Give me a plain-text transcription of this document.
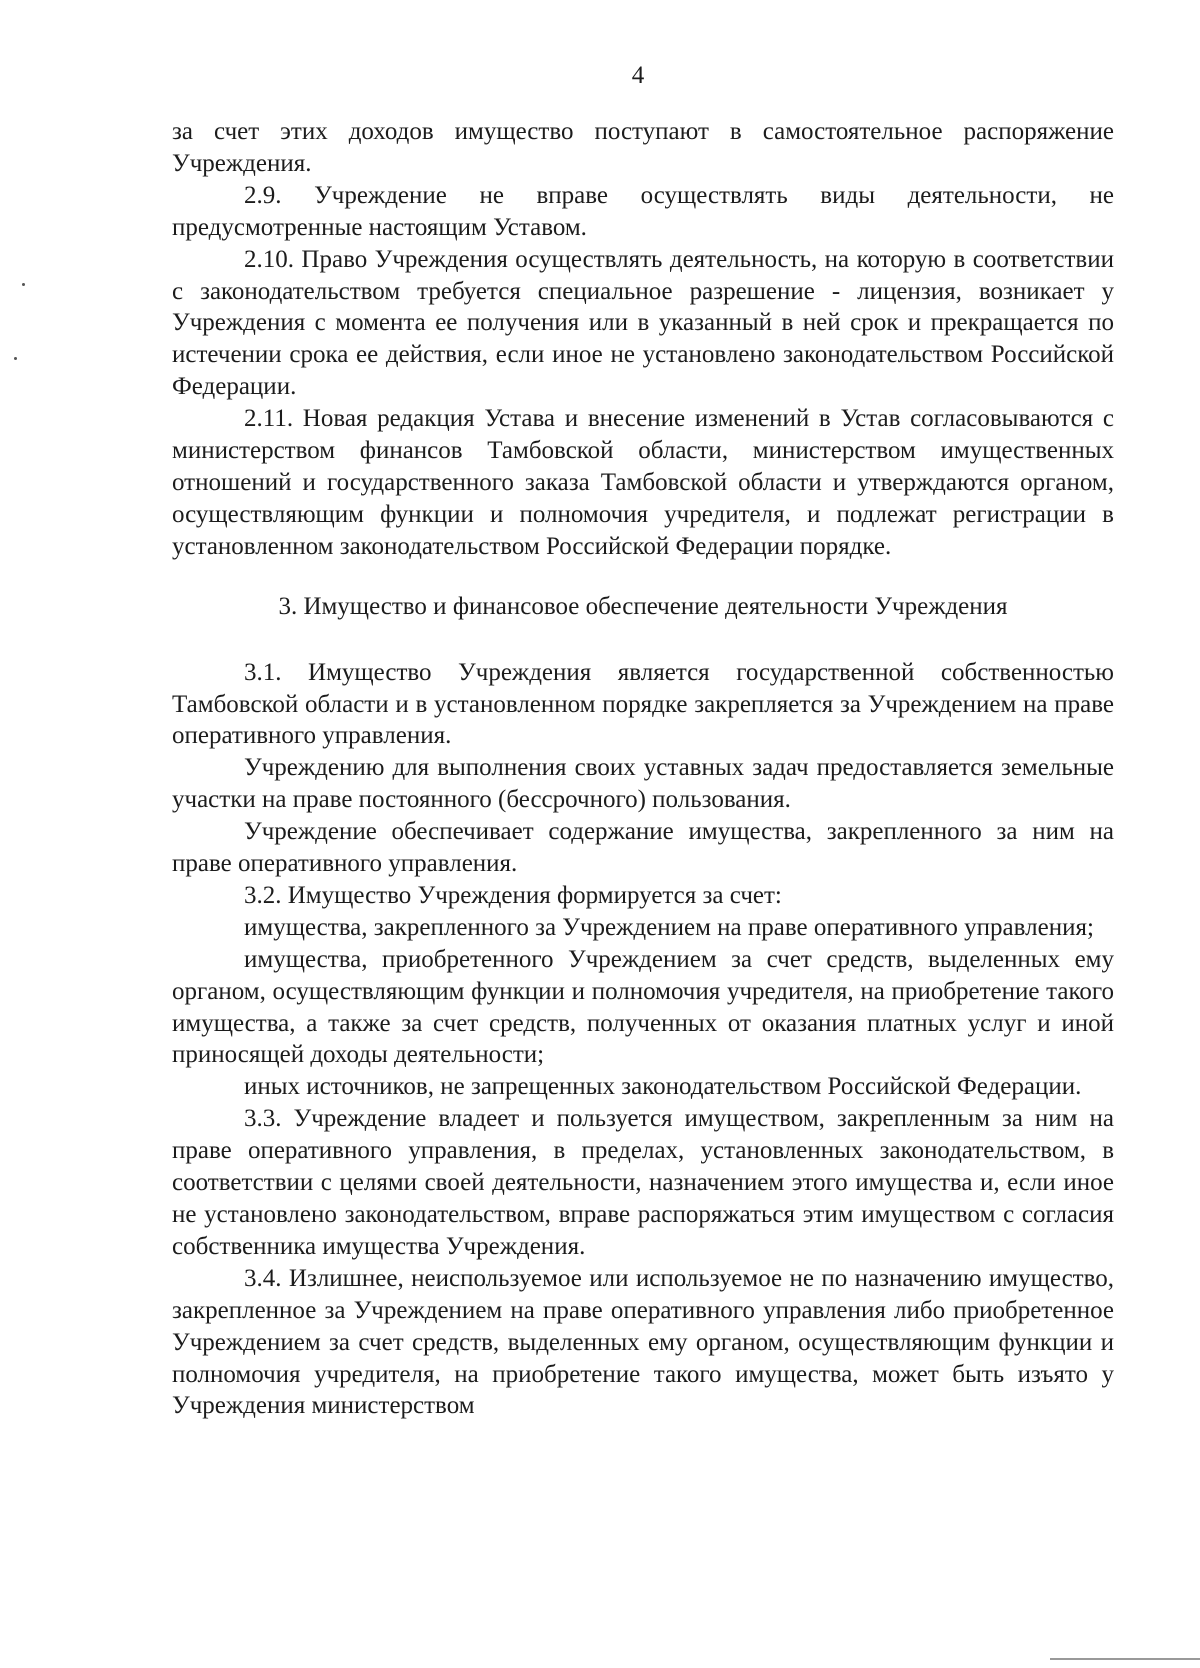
4

за счет этих доходов имущество поступают в самостоятельное распоряжение Учреждения.

2.9. Учреждение не вправе осуществлять виды деятельности, не предусмотренные настоящим Уставом.

2.10. Право Учреждения осуществлять деятельность, на которую в соответствии с законодательством требуется специальное разрешение - лицензия, возникает у Учреждения с момента ее получения или в указанный в ней срок и прекращается по истечении срока ее действия, если иное не установлено законодательством Российской Федерации.

2.11. Новая редакция Устава и внесение изменений в Устав согласовываются с министерством финансов Тамбовской области, министерством имущественных отношений и государственного заказа Тамбовской области и утверждаются органом, осуществляющим функции и полномочия учредителя, и подлежат регистрации в установленном законодательством Российской Федерации порядке.

3. Имущество и финансовое обеспечение деятельности Учреждения

3.1. Имущество Учреждения является государственной собственностью Тамбовской области и в установленном порядке закрепляется за Учреждением на праве оперативного управления.

Учреждению для выполнения своих уставных задач предоставляется земельные участки на праве постоянного (бессрочного) пользования.

Учреждение обеспечивает содержание имущества, закрепленного за ним на праве оперативного управления.

3.2. Имущество Учреждения формируется за счет:

имущества, закрепленного за Учреждением на праве оперативного управления;

имущества, приобретенного Учреждением за счет средств, выделенных ему органом, осуществляющим функции и полномочия учредителя, на приобретение такого имущества, а также за счет средств, полученных от оказания платных услуг и иной приносящей доходы деятельности;

иных источников, не запрещенных законодательством Российской Федерации.

3.3. Учреждение владеет и пользуется имуществом, закрепленным за ним на праве оперативного управления, в пределах, установленных законодательством, в соответствии с целями своей деятельности, назначением этого имущества и, если иное не установлено законодательством, вправе распоряжаться этим имуществом с согласия собственника имущества Учреждения.

3.4. Излишнее, неиспользуемое или используемое не по назначению имущество, закрепленное за Учреждением на праве оперативного управления либо приобретенное Учреждением за счет средств, выделенных ему органом, осуществляющим функции и полномочия учредителя, на приобретение такого имущества, может быть изъято у Учреждения министерством
